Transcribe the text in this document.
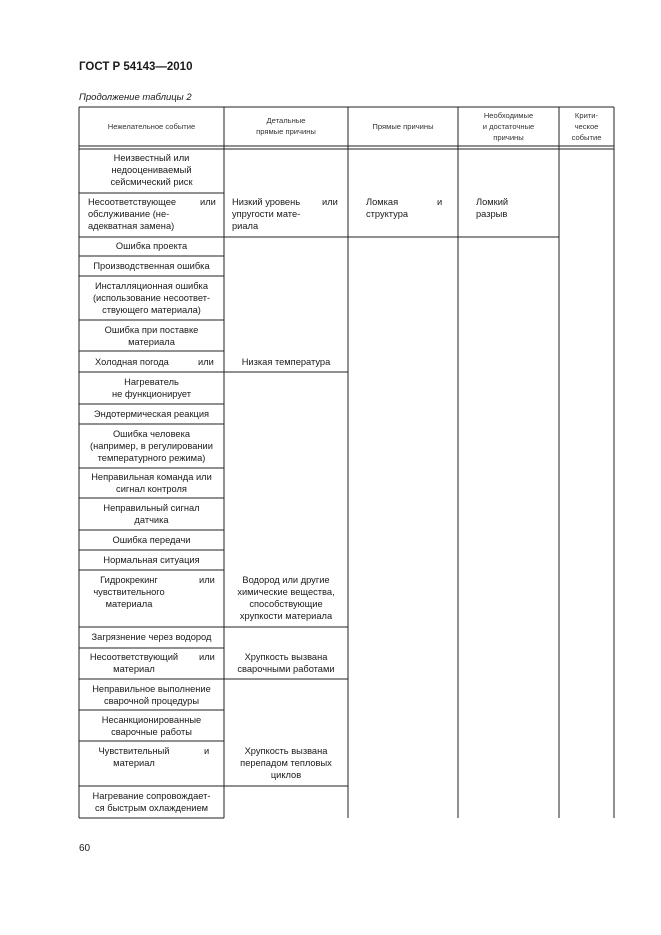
ГОСТ Р 54143—2010
Продолжение таблицы 2
Нежелательное событие
Детальные
прямые причины
Прямые причины
Необходимые
и достаточные
причины
Крити-
ческое
событие
Неизвестный или
недооцениваемый
сейсмический риск
Несоответствующее
обслуживание (не-
адекватная замена)
Ошибка проекта
Производственная ошибка
Инсталляционная ошибка
(использование несоответ-
ствующего материала)
Ошибка при поставке
материала
Холодная погода
Нагреватель
не функционирует
Эндотермическая реакция
Ошибка человека
(например, в регулировании
температурного режима)
Неправильная команда или
сигнал контроля
Неправильный сигнал
датчика
Ошибка передачи
Нормальная ситуация
Гидрокрекинг
чувствительного
материала
Загрязнение через водород
Несоответствующий
материал
Неправильное выполнение
сварочной процедуры
Несанкционированные
сварочные работы
Чувствительный
материал
Нагревание сопровождает-
ся быстрым охлаждением
или
или
или
или
и
Низкий уровень
упругости мате-
риала
или
Низкая температура
Водород или другие
химические вещества,
способствующие
хрупкости материала
Хрупкость вызвана
сварочными работами
Хрупкость вызвана
перепадом тепловых
циклов
Ломкая
структура
и	Ломкий
разрыв
60
